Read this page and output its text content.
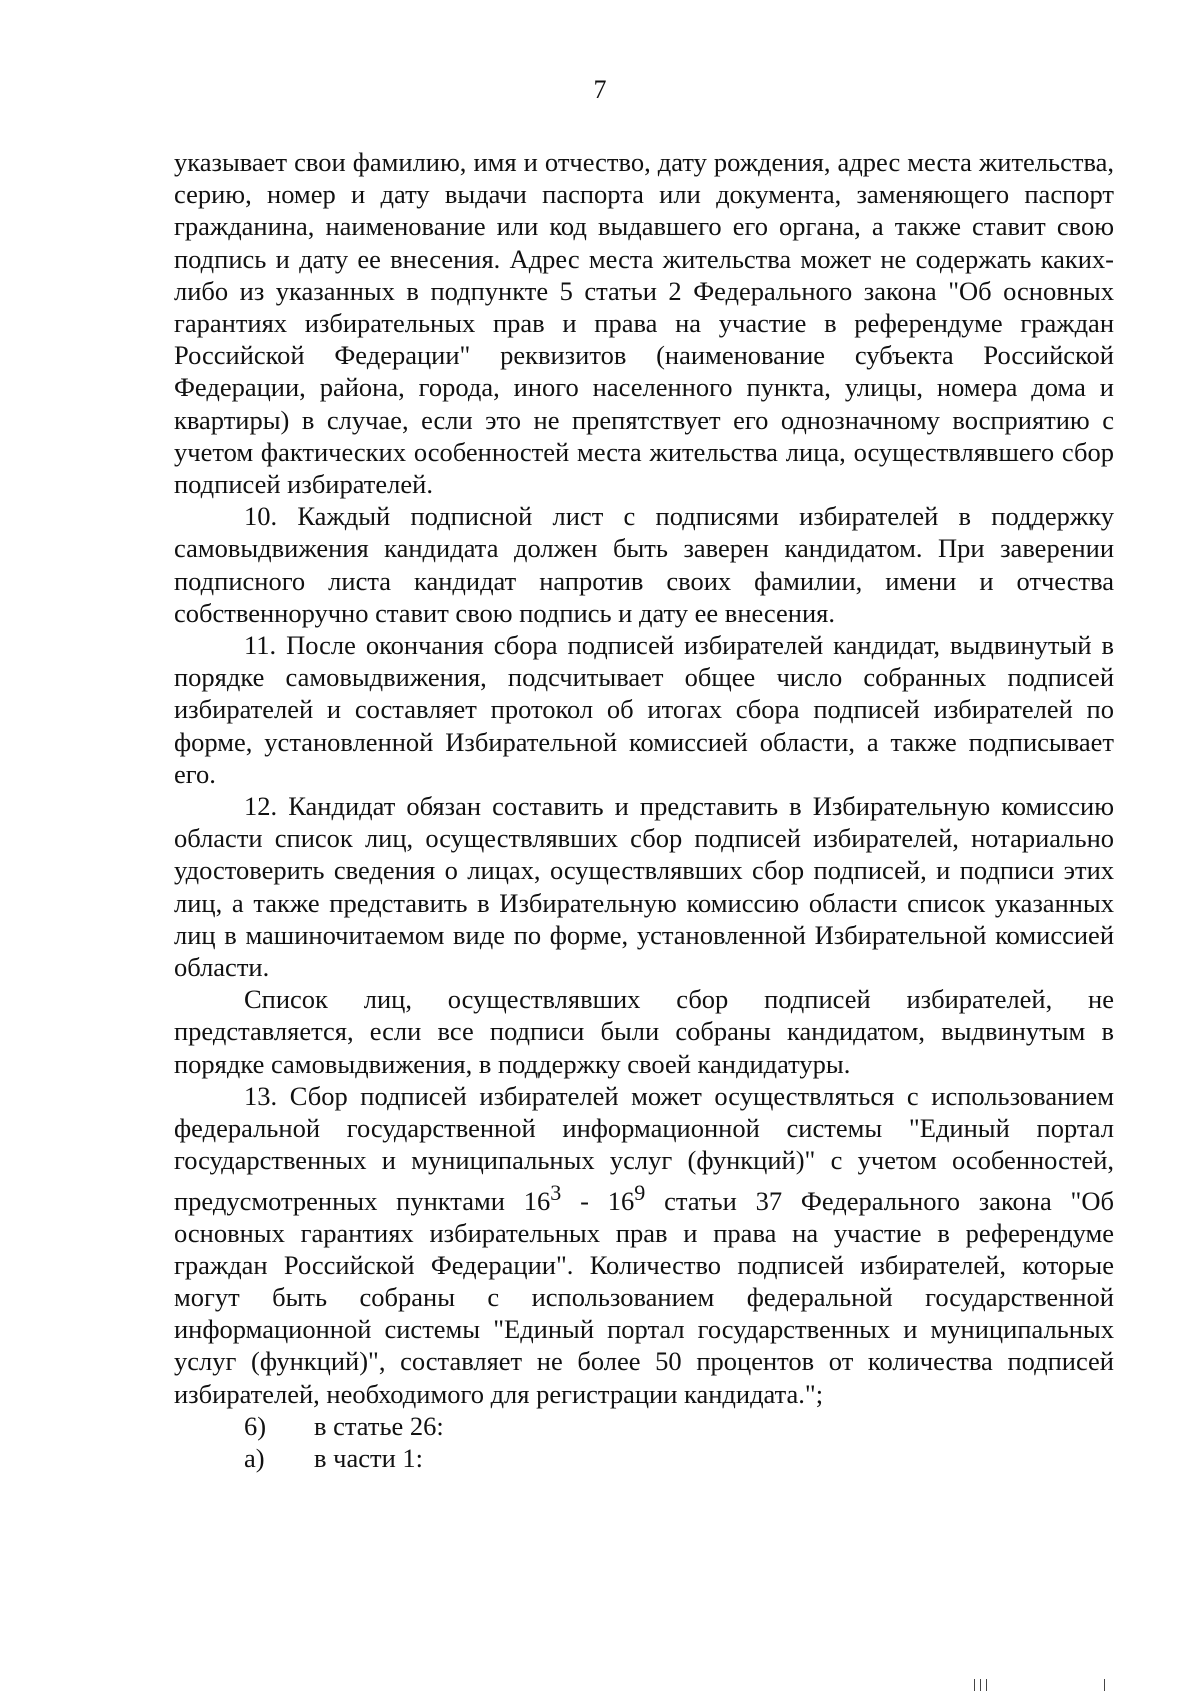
7

указывает свои фамилию, имя и отчество, дату рождения, адрес места жительства, серию, номер и дату выдачи паспорта или документа, заменяющего паспорт гражданина, наименование или код выдавшего его органа, а также ставит свою подпись и дату ее внесения. Адрес места жительства может не содержать каких-либо из указанных в подпункте 5 статьи 2 Федерального закона "Об основных гарантиях избирательных прав и права на участие в референдуме граждан Российской Федерации" реквизитов (наименование субъекта Российской Федерации, района, города, иного населенного пункта, улицы, номера дома и квартиры) в случае, если это не препятствует его однозначному восприятию с учетом фактических особенностей места жительства лица, осуществлявшего сбор подписей избирателей.

10. Каждый подписной лист с подписями избирателей в поддержку самовыдвижения кандидата должен быть заверен кандидатом. При заверении подписного листа кандидат напротив своих фамилии, имени и отчества собственноручно ставит свою подпись и дату ее внесения.

11. После окончания сбора подписей избирателей кандидат, выдвинутый в порядке самовыдвижения, подсчитывает общее число собранных подписей избирателей и составляет протокол об итогах сбора подписей избирателей по форме, установленной Избирательной комиссией области, а также подписывает его.

12. Кандидат обязан составить и представить в Избирательную комиссию области список лиц, осуществлявших сбор подписей избирателей, нотариально удостоверить сведения о лицах, осуществлявших сбор подписей, и подписи этих лиц, а также представить в Избирательную комиссию области список указанных лиц в машиночитаемом виде по форме, установленной Избирательной комиссией области.

Список лиц, осуществлявших сбор подписей избирателей, не представляется, если все подписи были собраны кандидатом, выдвинутым в порядке самовыдвижения, в поддержку своей кандидатуры.

13. Сбор подписей избирателей может осуществляться с использованием федеральной государственной информационной системы "Единый портал государственных и муниципальных услуг (функций)" с учетом особенностей, предусмотренных пунктами $16^3 - 16^9$ статьи 37 Федерального закона "Об основных гарантиях избирательных прав и права на участие в референдуме граждан Российской Федерации". Количество подписей избирателей, которые могут быть собраны с использованием федеральной государственной информационной системы "Единый портал государственных и муниципальных услуг (функций)", составляет не более 50 процентов от количества подписей избирателей, необходимого для регистрации кандидата.";

6)	в статье 26:
а)	в части 1:
